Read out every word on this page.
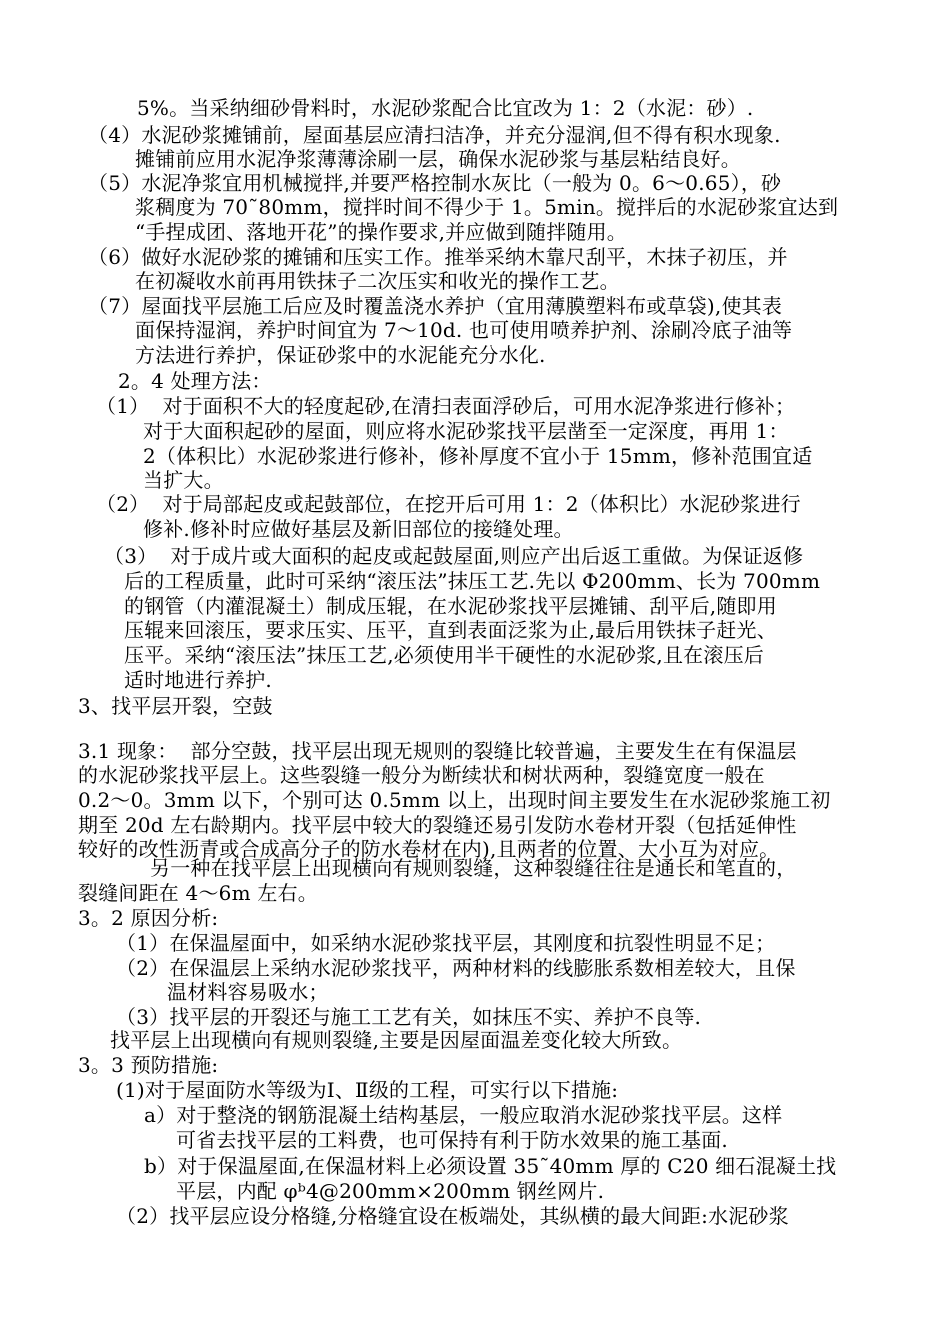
5%。当采纳细砂骨料时，水泥砂浆配合比宜改为 1：2（水泥：砂）.
（4）水泥砂浆摊铺前，屋面基层应清扫洁净，并充分湿润,但不得有积水现象.
摊铺前应用水泥净浆薄薄涂刷一层，确保水泥砂浆与基层粘结良好。
（5）水泥净浆宜用机械搅拌,并要严格控制水灰比（一般为 0。6～0.65），砂
浆稠度为 70˜80mm，搅拌时间不得少于 1。5min。搅拌后的水泥砂浆宜达到
“手捏成团、落地开花”的操作要求,并应做到随拌随用。
（6）做好水泥砂浆的摊铺和压实工作。推举采纳木靠尺刮平，木抹子初压，并
在初凝收水前再用铁抹子二次压实和收光的操作工艺。
（7）屋面找平层施工后应及时覆盖浇水养护（宜用薄膜塑料布或草袋),使其表
面保持湿润，养护时间宜为 7～10d. 也可使用喷养护剂、涂刷冷底子油等
方法进行养护，保证砂浆中的水泥能充分水化.
2。4 处理方法：
（1）  对于面积不大的轻度起砂,在清扫表面浮砂后，可用水泥净浆进行修补；
对于大面积起砂的屋面，则应将水泥砂浆找平层凿至一定深度，再用 1：
2（体积比）水泥砂浆进行修补，修补厚度不宜小于 15mm，修补范围宜适
当扩大。
（2）  对于局部起皮或起鼓部位，在挖开后可用 1：2（体积比）水泥砂浆进行
修补.修补时应做好基层及新旧部位的接缝处理。
（3）  对于成片或大面积的起皮或起鼓屋面,则应产出后返工重做。为保证返修
后的工程质量，此时可采纳“滚压法”抹压工艺.先以 Φ200mm、长为 700mm
的钢管（内灌混凝土）制成压辊，在水泥砂浆找平层摊铺、刮平后,随即用
压辊来回滚压，要求压实、压平，直到表面泛浆为止,最后用铁抹子赶光、
压平。采纳“滚压法”抹压工艺,必须使用半干硬性的水泥砂浆,且在滚压后
适时地进行养护.
3、找平层开裂，空鼓
3.1 现象：  部分空鼓，找平层出现无规则的裂缝比较普遍，主要发生在有保温层
的水泥砂浆找平层上。这些裂缝一般分为断续状和树状两种，裂缝宽度一般在
0.2～0。3mm 以下，个别可达 0.5mm 以上，出现时间主要发生在水泥砂浆施工初
期至 20d 左右龄期内。找平层中较大的裂缝还易引发防水卷材开裂（包括延伸性
较好的改性沥青或合成高分子的防水卷材在内),且两者的位置、大小互为对应。
另一种在找平层上出现横向有规则裂缝，这种裂缝往往是通长和笔直的，
裂缝间距在 4～6m 左右。
3。2 原因分析:
（1）在保温屋面中，如采纳水泥砂浆找平层，其刚度和抗裂性明显不足；
（2）在保温层上采纳水泥砂浆找平，两种材料的线膨胀系数相差较大，且保
温材料容易吸水；
（3）找平层的开裂还与施工工艺有关，如抹压不实、养护不良等.
找平层上出现横向有规则裂缝,主要是因屋面温差变化较大所致。
3。3 预防措施:
(1)对于屋面防水等级为Ⅰ、Ⅱ级的工程，可实行以下措施:
a）对于整浇的钢筋混凝土结构基层，一般应取消水泥砂浆找平层。这样
可省去找平层的工料费，也可保持有利于防水效果的施工基面.
b）对于保温屋面,在保温材料上必须设置 35˜40mm 厚的 C20 细石混凝土找
平层，内配 φᵇ4@200mm×200mm 钢丝网片.
（2）找平层应设分格缝,分格缝宜设在板端处，其纵横的最大间距:水泥砂浆
